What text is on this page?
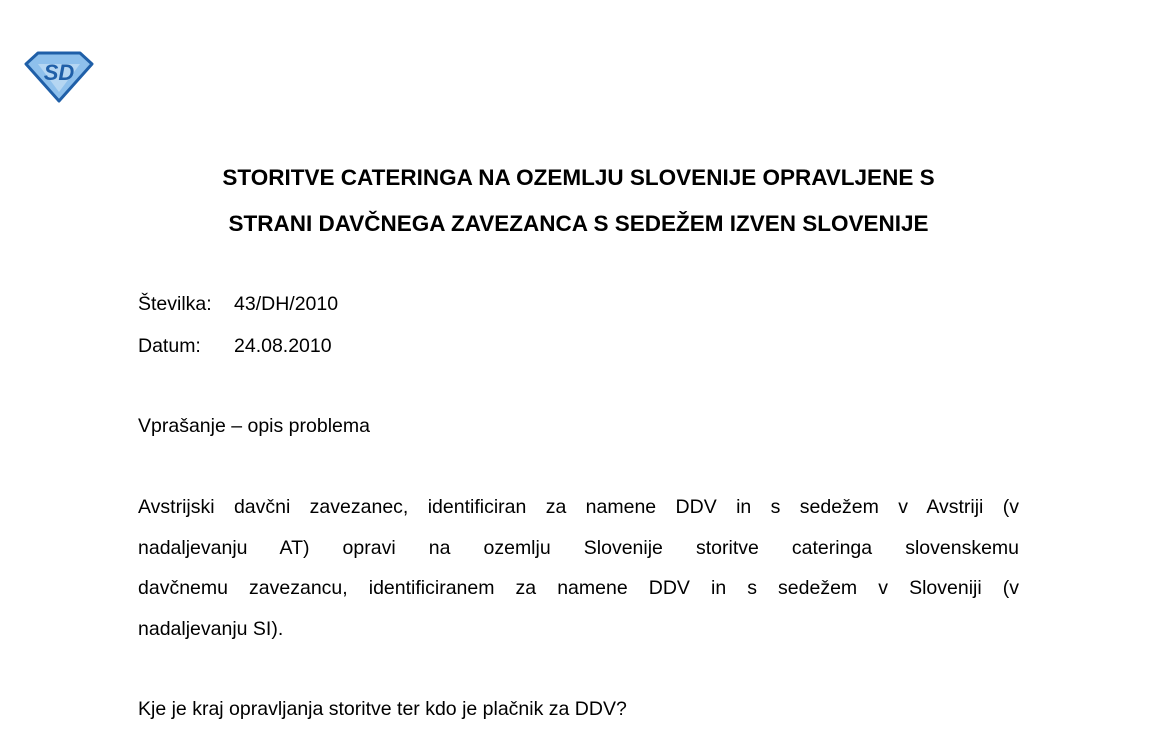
SD
STORITVE CATERINGA NA OZEMLJU SLOVENIJE OPRAVLJENE S
STRANI DAVČNEGA ZAVEZANCA S SEDEŽEM IZVEN SLOVENIJE
Številka: 43/DH/2010
Datum: 24.08.2010
Vprašanje – opis problema
Avstrijski davčni zavezanec, identificiran za namene DDV in s sedežem v Avstriji (v
nadaljevanju AT) opravi na ozemlju Slovenije storitve cateringa slovenskemu
davčnemu zavezancu, identificiranem za namene DDV in s sedežem v Sloveniji (v
nadaljevanju SI).
Kje je kraj opravljanja storitve ter kdo je plačnik za DDV?
